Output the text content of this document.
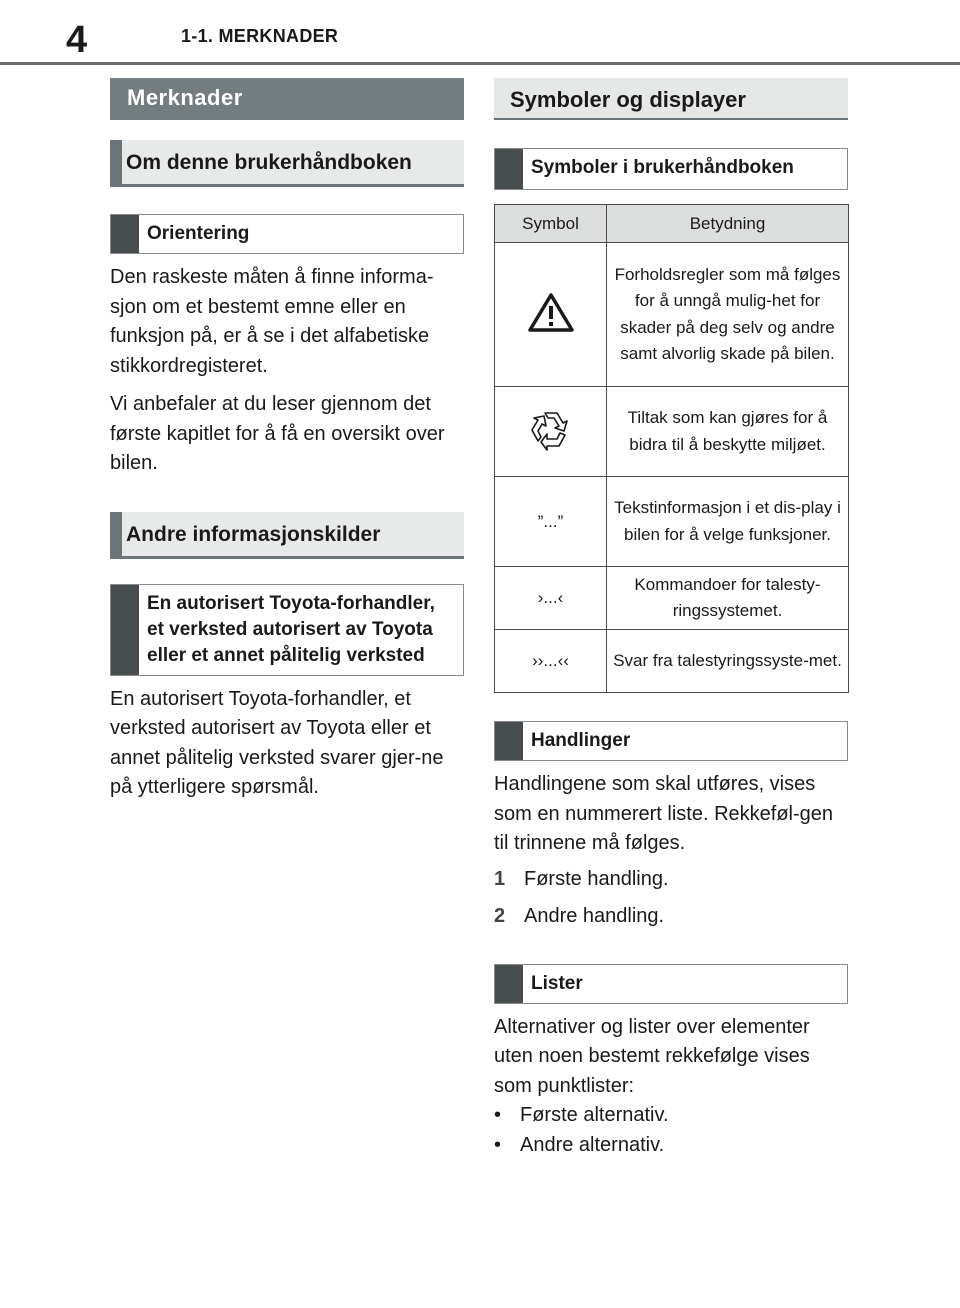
4	1-1. MERKNADER
Merknader
Om denne brukerhåndboken
Orientering

Den raskeste måten å finne informa-sjon om et bestemt emne eller en funksjon på, er å se i det alfabetiske stikkordregisteret.

Vi anbefaler at du leser gjennom det første kapitlet for å få en oversikt over bilen.

Andre informasjonskilder
En autorisert Toyota-forhandler, et verksted autorisert av Toyota eller et annet pålitelig verksted

En autorisert Toyota-forhandler, et verksted autorisert av Toyota eller et annet pålitelig verksted svarer gjer-ne på ytterligere spørsmål.

Symboler og displayer
Symboler i brukerhåndboken
Symbol	Betydning
	Forholdsregler som må følges for å unngå mulig-het for skader på deg selv og andre samt alvorlig skade på bilen.
	Tiltak som kan gjøres for å bidra til å beskytte miljøet.
”...”	Tekstinformasjon i et dis-play i bilen for å velge funksjoner.
›...‹	Kommandoer for talesty-ringssystemet.
››...‹‹	Svar fra talestyringssyste-met.
Handlinger

Handlingene som skal utføres, vises som en nummerert liste. Rekkeføl-gen til trinnene må følges.

1 Første handling.
2 Andre handling.
Lister

Alternativer og lister over elementer uten noen bestemt rekkefølge vises som punktlister:

• Første alternativ.
• Andre alternativ.
